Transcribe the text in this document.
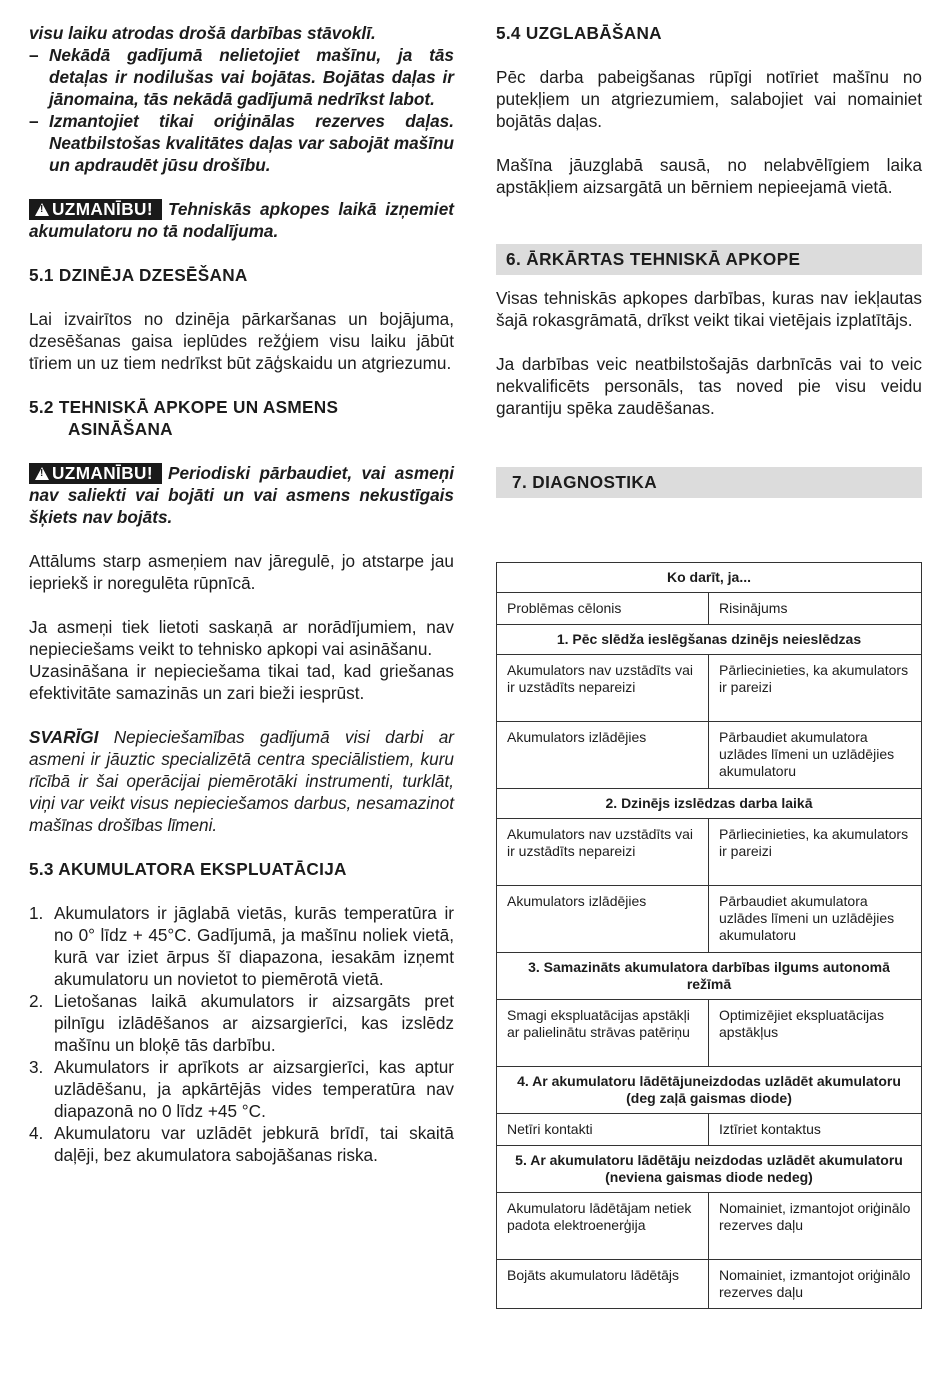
visu laiku atrodas drošā darbības stāvoklī.

– Nekādā gadījumā nelietojiet mašīnu, ja tās detaļas ir nodilušas vai bojātas. Bojātas daļas ir jānomaina, tās nekādā gadījumā nedrīkst labot.
– Izmantojiet tikai oriģinālas rezerves daļas. Neatbilstošas kvalitātes daļas var sabojāt mašīnu un apdraudēt jūsu drošību.

!UZMANĪBU! Tehniskās apkopes laikā izņemiet akumulatoru no tā nodalījuma.

5.1 DZINĒJA DZESĒŠANA

Lai izvairītos no dzinēja pārkaršanas un bojājuma, dzesēšanas gaisa ieplūdes režģiem visu laiku jābūt tīriem un uz tiem nedrīkst būt zāģskaidu un atgriezumu.

5.2 TEHNISKĀ APKOPE UN ASMENS

ASINĀŠANA

!UZMANĪBU! Periodiski pārbaudiet, vai asmeņi nav saliekti vai bojāti un vai asmens nekustīgais šķiets nav bojāts.

Attālums starp asmeņiem nav jāregulē, jo atstarpe jau iepriekš ir noregulēta rūpnīcā.

Ja asmeņi tiek lietoti saskaņā ar norādījumiem, nav nepieciešams veikt to tehnisko apkopi vai asināšanu.

Uzasināšana ir nepieciešama tikai tad, kad griešanas efektivitāte samazinās un zari bieži iesprūst.

SVARĪGI Nepieciešamības gadījumā visi darbi ar asmeni ir jāuztic specializētā centra speciālistiem, kuru rīcībā ir šai operācijai piemērotāki instrumenti, turklāt, viņi var veikt visus nepieciešamos darbus, nesamazinot mašīnas drošības līmeni.

5.3 AKUMULATORA EKSPLUATĀCIJA

1. Akumulators ir jāglabā vietās, kurās temperatūra ir no 0° līdz + 45°C. Gadījumā, ja mašīnu noliek vietā, kurā var iziet ārpus šī diapazona, iesakām izņemt akumulatoru un novietot to piemērotā vietā.
2. Lietošanas laikā akumulators ir aizsargāts pret pilnīgu izlādēšanos ar aizsargierīci, kas izslēdz mašīnu un bloķē tās darbību.
3. Akumulators ir aprīkots ar aizsargierīci, kas aptur uzlādēšanu, ja apkārtējās vides temperatūra nav diapazonā no 0 līdz +45 °C.
4. Akumulatoru var uzlādēt jebkurā brīdī, tai skaitā daļēji, bez akumulatora sabojāšanas riska.

5.4 UZGLABĀŠANA

Pēc darba pabeigšanas rūpīgi notīriet mašīnu no putekļiem un atgriezumiem, salabojiet vai nomainiet bojātās daļas.

Mašīna jāuzglabā sausā, no nelabvēlīgiem laika apstākļiem aizsargātā un bērniem nepieejamā vietā.

6. ĀRKĀRTAS TEHNISKĀ APKOPE

Visas tehniskās apkopes darbības, kuras nav iekļautas šajā rokasgrāmatā, drīkst veikt tikai vietējais izplatītājs.

Ja darbības veic neatbilstošajās darbnīcās vai to veic nekvalificēts personāls, tas noved pie visu veidu garantiju spēka zaudēšanas.

7. DIAGNOSTIKA
Ko darīt, ja...	
Problēmas cēlonis	Risinājums
1. Pēc slēdža ieslēgšanas dzinējs neieslēdzas	
Akumulators nav uzstādīts vai ir uzstādīts nepareizi	Pārliecinieties, ka akumulators ir pareizi
Akumulators izlādējies	Pārbaudiet akumulatora uzlādes līmeni un uzlādējies akumulatoru
2. Dzinējs izslēdzas darba laikā	
Akumulators nav uzstādīts vai ir uzstādīts nepareizi	Pārliecinieties, ka akumulators ir pareizi
Akumulators izlādējies	Pārbaudiet akumulatora uzlādes līmeni un uzlādējies akumulatoru
3. Samazināts akumulatora darbības ilgums autonomā režīmā	
Smagi ekspluatācijas apstākļi ar palielinātu strāvas patēriņu	Optimizējiet ekspluatācijas apstākļus
4. Ar akumulatoru lādētājuneizdodas uzlādēt akumulatoru (deg zaļā gaismas diode)	
Netīri kontakti	Iztīriet kontaktus
5. Ar akumulatoru lādētāju neizdodas uzlādēt akumulatoru (neviena gaismas diode nedeg)	
Akumulatoru lādētājam netiek padota elektroenerģija	Nomainiet, izmantojot oriģinālo rezerves daļu
Bojāts akumulatoru lādētājs	Nomainiet, izmantojot oriģinālo rezerves daļu
